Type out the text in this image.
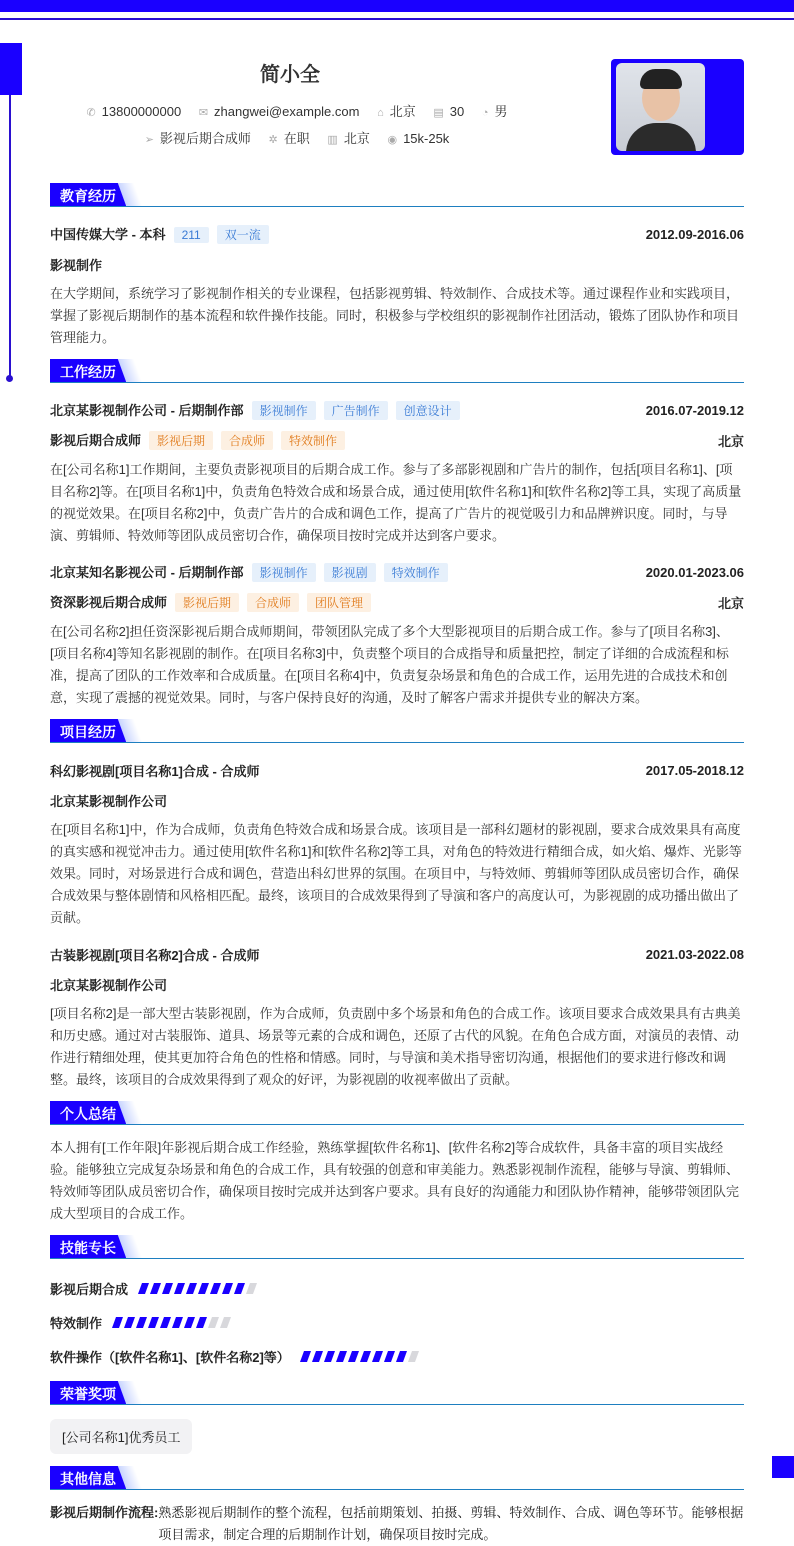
简小全
✆ 13800000000 ✉ zhangwei@example.com ⌂ 北京 ▤ 30 ◔ 男
➢ 影视后期合成师 ✲ 在职 ▥ 北京 ◉ 15k-25k
教育经历
中国传媒大学 - 本科 211 双一流	2012.09-2016.06
影视制作
在大学期间，系统学习了影视制作相关的专业课程，包括影视剪辑、特效制作、合成技术等。通过课程作业和实践项目，掌握了影视后期制作的基本流程和软件操作技能。同时，积极参与学校组织的影视制作社团活动，锻炼了团队协作和项目管理能力。
工作经历
北京某影视制作公司 - 后期制作部 影视制作 广告制作 创意设计	2016.07-2019.12
影视后期合成师 影视后期 合成师 特效制作	北京
在[公司名称1]工作期间，主要负责影视项目的后期合成工作。参与了多部影视剧和广告片的制作，包括[项目名称1]、[项目名称2]等。在[项目名称1]中，负责角色特效合成和场景合成，通过使用[软件名称1]和[软件名称2]等工具，实现了高质量的视觉效果。在[项目名称2]中，负责广告片的合成和调色工作，提高了广告片的视觉吸引力和品牌辨识度。同时，与导演、剪辑师、特效师等团队成员密切合作，确保项目按时完成并达到客户要求。
北京某知名影视公司 - 后期制作部 影视制作 影视剧 特效制作	2020.01-2023.06
资深影视后期合成师 影视后期 合成师 团队管理	北京
在[公司名称2]担任资深影视后期合成师期间，带领团队完成了多个大型影视项目的后期合成工作。参与了[项目名称3]、[项目名称4]等知名影视剧的制作。在[项目名称3]中，负责整个项目的合成指导和质量把控，制定了详细的合成流程和标准，提高了团队的工作效率和合成质量。在[项目名称4]中，负责复杂场景和角色的合成工作，运用先进的合成技术和创意，实现了震撼的视觉效果。同时，与客户保持良好的沟通，及时了解客户需求并提供专业的解决方案。
项目经历
科幻影视剧[项目名称1]合成 - 合成师	2017.05-2018.12
北京某影视制作公司
在[项目名称1]中，作为合成师，负责角色特效合成和场景合成。该项目是一部科幻题材的影视剧，要求合成效果具有高度的真实感和视觉冲击力。通过使用[软件名称1]和[软件名称2]等工具，对角色的特效进行精细合成，如火焰、爆炸、光影等效果。同时，对场景进行合成和调色，营造出科幻世界的氛围。在项目中，与特效师、剪辑师等团队成员密切合作，确保合成效果与整体剧情和风格相匹配。最终，该项目的合成效果得到了导演和客户的高度认可，为影视剧的成功播出做出了贡献。
古装影视剧[项目名称2]合成 - 合成师	2021.03-2022.08
北京某影视制作公司
[项目名称2]是一部大型古装影视剧，作为合成师，负责剧中多个场景和角色的合成工作。该项目要求合成效果具有古典美和历史感。通过对古装服饰、道具、场景等元素的合成和调色，还原了古代的风貌。在角色合成方面，对演员的表情、动作进行精细处理，使其更加符合角色的性格和情感。同时，与导演和美术指导密切沟通，根据他们的要求进行修改和调整。最终，该项目的合成效果得到了观众的好评，为影视剧的收视率做出了贡献。
个人总结
本人拥有[工作年限]年影视后期合成工作经验，熟练掌握[软件名称1]、[软件名称2]等合成软件，具备丰富的项目实战经验。能够独立完成复杂场景和角色的合成工作，具有较强的创意和审美能力。熟悉影视制作流程，能够与导演、剪辑师、特效师等团队成员密切合作，确保项目按时完成并达到客户要求。具有良好的沟通能力和团队协作精神，能够带领团队完成大型项目的合成工作。
技能专长
影视后期合成
特效制作
软件操作（[软件名称1]、[软件名称2]等）
荣誉奖项
[公司名称1]优秀员工
其他信息
影视后期制作流程: 熟悉影视后期制作的整个流程，包括前期策划、拍摄、剪辑、特效制作、合成、调色等环节。能够根据项目需求，制定合理的后期制作计划，确保项目按时完成。
